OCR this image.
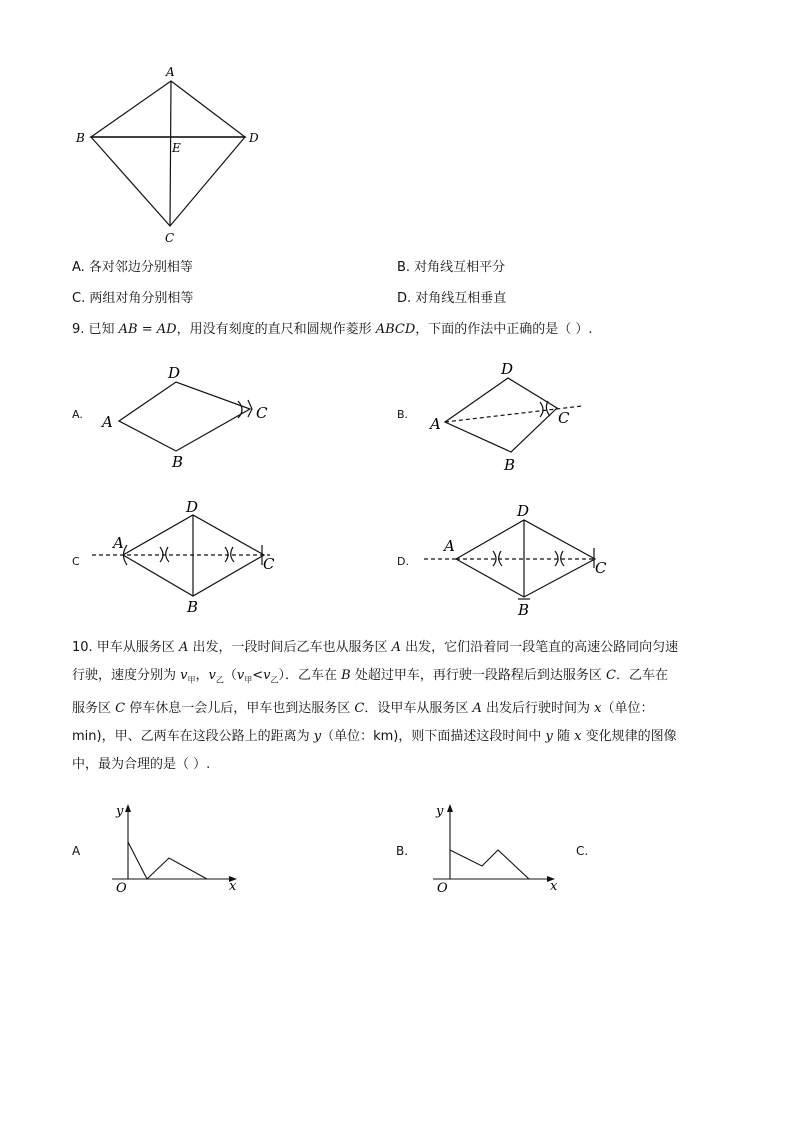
A
B	D
E
C
A. 各对邻边分别相等	B. 对角线互相平分
C. 两组对角分别相等	D. 对角线互相垂直
9. 已知 AB = AD，用没有刻度的直尺和圆规作菱形 ABCD，下面的作法中正确的是（ ）.
A.	B.
C	D.
D
A	C
B
D
A	C
B
A
D
C
B
A
D
C
B
10. 甲车从服务区 A 出发，一段时间后乙车也从服务区 A 出发，它们沿着同一段笔直的高速公路同向匀速
行驶，速度分别为 $v_甲$，$v_乙(v_甲<v_乙)$．乙车在 B 处超过甲车，再行驶一段路程后到达服务区 C．乙车在
服务区 C 停车休息一会儿后，甲车也到达服务区 C．设甲车从服务区 A 出发后行驶时间为 x（单位：
min)，甲、乙两车在这段公路上的距离为 y（单位：km)，则下面描述这段时间中 y 随 x 变化规律的图像
中，最为合理的是（ ）.
A	B.	C.
y
x
O
y
x
O
